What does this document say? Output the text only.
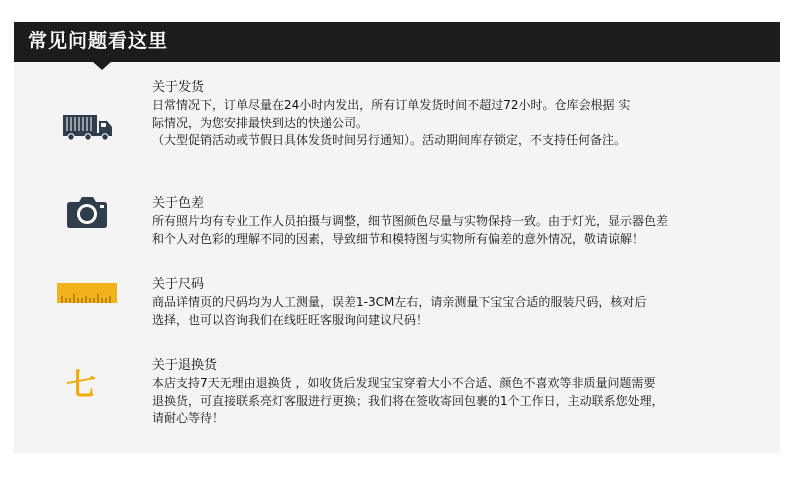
常见问题看这里
关于发货
日常情况下，订单尽量在24小时内发出，所有订单发货时间不超过72小时。仓库会根据 实
际情况，为您安排最快到达的快递公司。
（大型促销活动或节假日具体发货时间另行通知）。活动期间库存锁定，不支持任何备注。
关于色差
所有照片均有专业工作人员拍摄与调整，细节图颜色尽量与实物保持一致。由于灯光，显示器色差
和个人对色彩的理解不同的因素，导致细节和模特图与实物所有偏差的意外情况，敬请谅解！
关于尺码
商品详情页的尺码均为人工测量，误差1-3CM左右，请亲测量下宝宝合适的服装尺码，核对后
选择，也可以咨询我们在线旺旺客服询问建议尺码！
七
关于退换货
本店支持7天无理由退换货 ，如收货后发现宝宝穿着大小不合适、颜色不喜欢等非质量问题需要
退换货，可直接联系亮灯客服进行更换；我们将在签收寄回包裹的1个工作日，主动联系您处理，
请耐心等待！
